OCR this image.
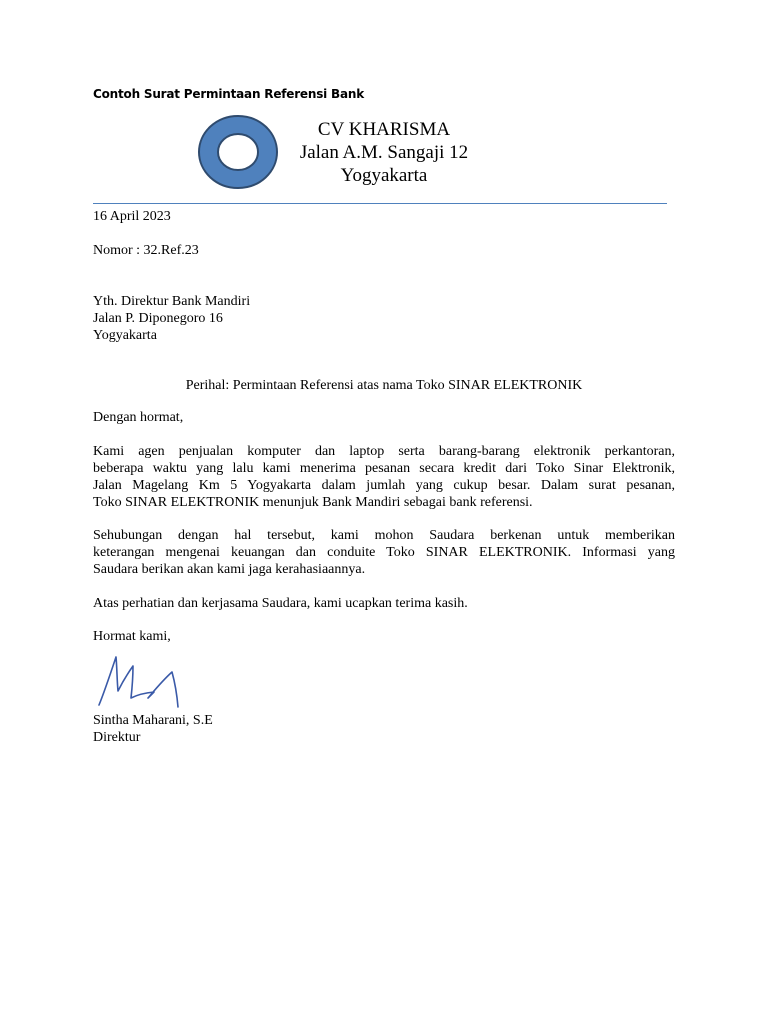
Contoh Surat Permintaan Referensi Bank
CV KHARISMA
Jalan A.M. Sangaji 12
Yogyakarta
16 April 2023
Nomor : 32.Ref.23
Yth. Direktur Bank Mandiri
Jalan P. Diponegoro 16
Yogyakarta
Perihal: Permintaan Referensi atas nama Toko SINAR ELEKTRONIK
Dengan hormat,
Kami agen penjualan komputer dan laptop serta barang-barang elektronik perkantoran,
beberapa waktu yang lalu kami menerima pesanan secara kredit dari Toko Sinar Elektronik,
Jalan Magelang Km 5 Yogyakarta dalam jumlah yang cukup besar. Dalam surat pesanan,
Toko SINAR ELEKTRONIK menunjuk Bank Mandiri sebagai bank referensi.
Sehubungan dengan hal tersebut, kami mohon Saudara berkenan untuk memberikan
keterangan mengenai keuangan dan conduite Toko SINAR ELEKTRONIK. Informasi yang
Saudara berikan akan kami jaga kerahasiaannya.
Atas perhatian dan kerjasama Saudara, kami ucapkan terima kasih.
Hormat kami,
Sintha Maharani, S.E
Direktur
